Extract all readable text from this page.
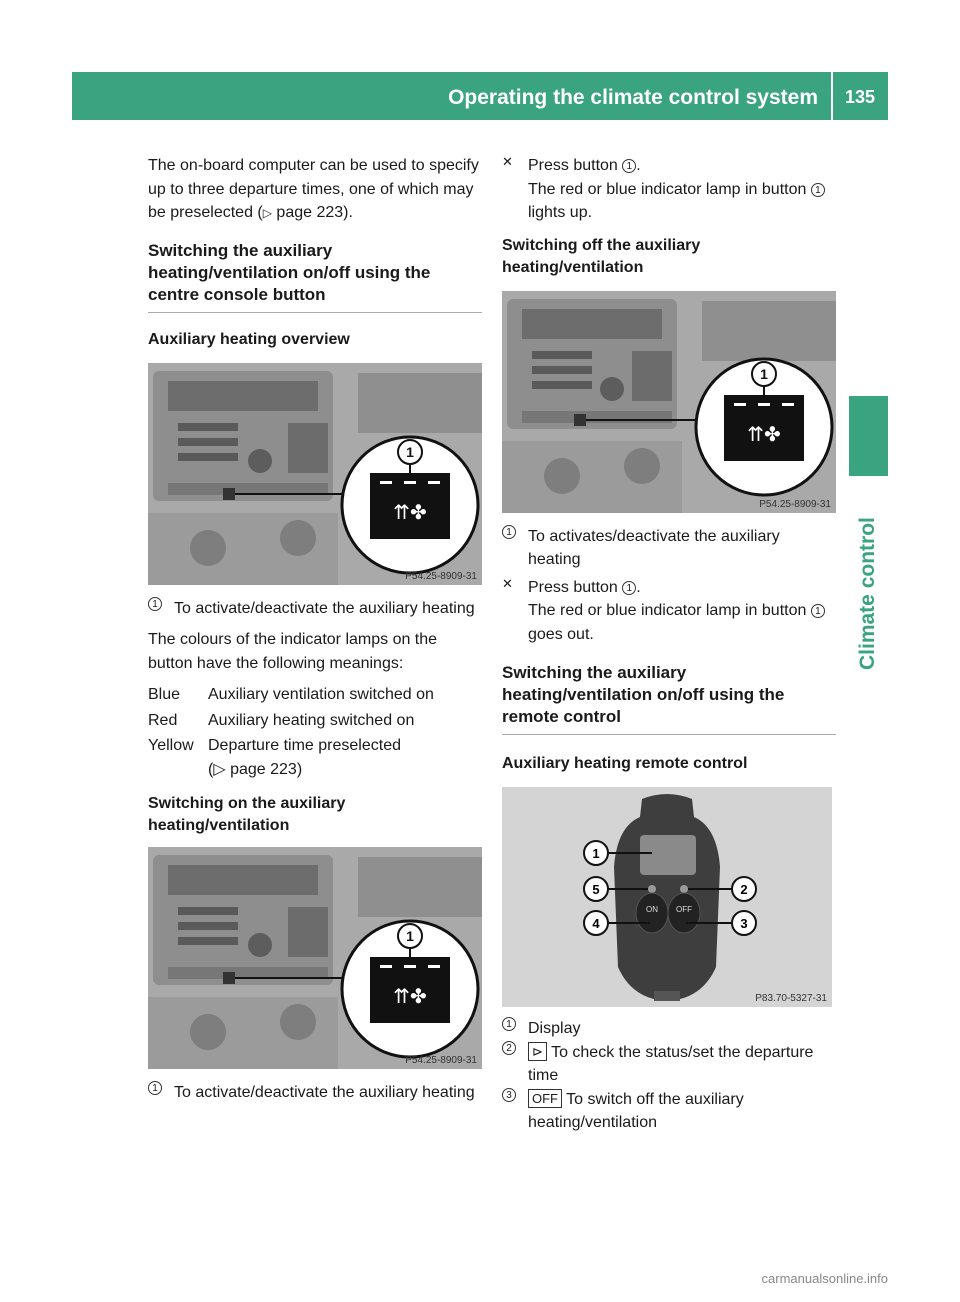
Operating the climate control system	135
Climate control

The on-board computer can be used to specify up to three departure times, one of which may be preselected (▷ page 223).

Switching the auxiliary heating/ventilation on/off using the centre console button
Auxiliary heating overview
⇈✤
1
P54.25-8909-31
1 To activate/deactivate the auxiliary heating

The colours of the indicator lamps on the button have the following meanings:

Blue	Auxiliary ventilation switched on
Red	Auxiliary heating switched on
Yellow Departure time preselected
(▷ page 223)
Switching on the auxiliary heating/ventilation
⇈✤
1
P54.25-8909-31
1 To activate/deactivate the auxiliary heating

✕ Press button 1 .

The red or blue indicator lamp in button 1 lights up.

Switching off the auxiliary heating/ventilation
⇈✤
1
P54.25-8909-31
1 To activates/deactivate the auxiliary heating

✕ Press button 1 .

The red or blue indicator lamp in button 1 goes out.

Switching the auxiliary heating/ventilation on/off using the remote control
Auxiliary heating remote control
ON OFF
1
5
4
2
3
P83.70-5327-31
1 Display

2	⊳ To check the status/set the departure time

3	OFF To switch off the auxiliary heating/ventilation

carmanualsonline.info
